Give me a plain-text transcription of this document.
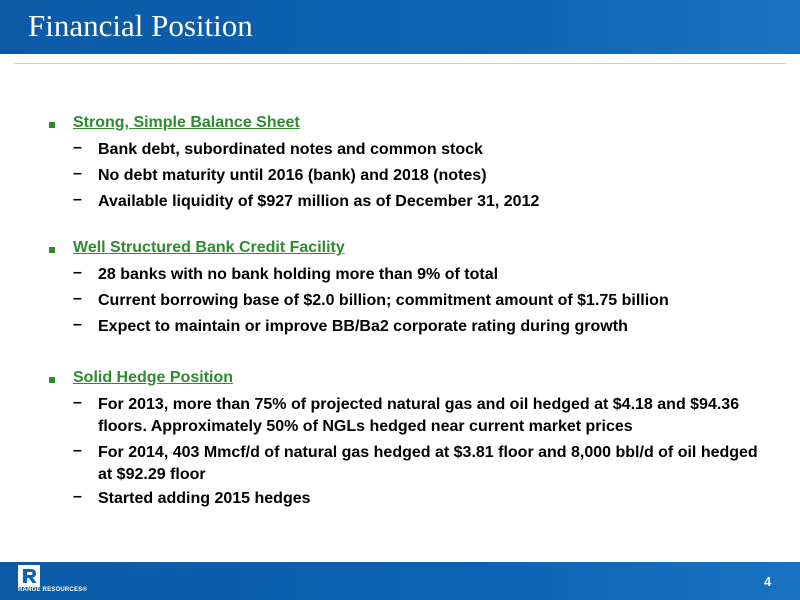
Financial Position
Strong, Simple Balance Sheet
– Bank debt, subordinated notes and common stock
– No debt maturity until 2016 (bank) and 2018 (notes)
– Available liquidity of $927 million as of December 31, 2012
Well Structured Bank Credit Facility
– 28 banks with no bank holding more than 9% of total
– Current borrowing base of $2.0 billion; commitment amount of $1.75 billion
– Expect to maintain or improve BB/Ba2 corporate rating during growth
Solid Hedge Position
– For 2013, more than 75% of projected natural gas and oil hedged at $4.18 and $94.36 floors. Approximately 50% of NGLs hedged near current market prices
– For 2014, 403 Mmcf/d of natural gas hedged at $3.81 floor and 8,000 bbl/d of oil hedged at $92.29 floor
– Started adding 2015 hedges
RANGE RESOURCES®
4
